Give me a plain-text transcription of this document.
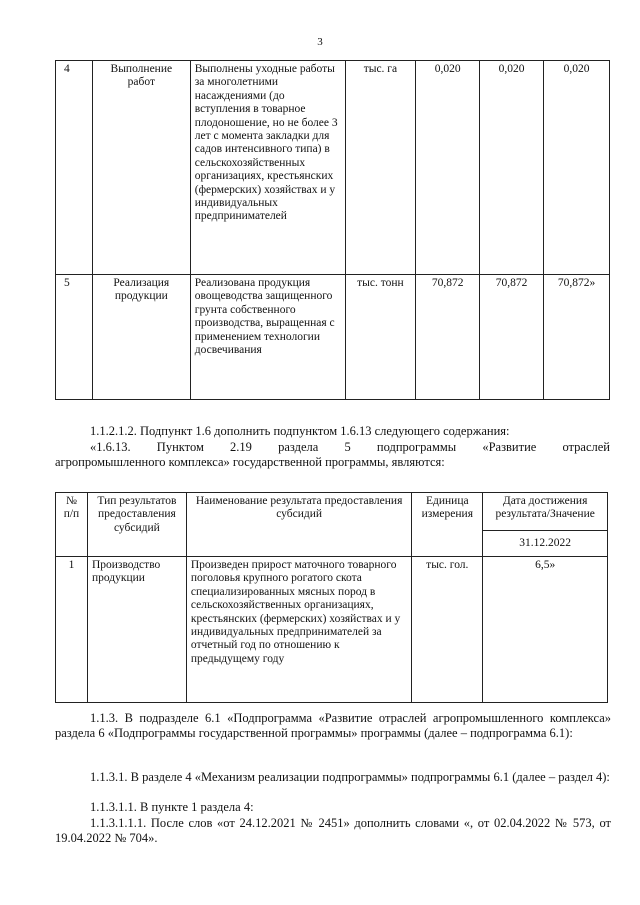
3
4	Выполнение работ	Выполнены уходные работы за многолетними насаждениями (до вступления в товарное плодоношение, но не более 3 лет с момента закладки для садов интенсивного типа) в сельскохозяйственных организациях, крестьянских (фермерских) хозяйствах и у индивидуальных предпринимателей	тыс. га	0,020	0,020	0,020
5	Реализация продукции	Реализована продукция овощеводства защищенного грунта собственного производства, выращенная с применением технологии досвечивания	тыс. тонн	70,872	70,872	70,872»
1.1.2.1.2. Подпункт 1.6 дополнить подпунктом 1.6.13 следующего содержания:
«1.6.13.    Пунктом    2.19    раздела    5    подпрограммы    «Развитие    отраслей
агропромышленного комплекса» государственной программы, являются:
№ п/п	Тип результатов предоставления субсидий	Наименование результата предоставления субсидий	Единица измерения	Дата достижения результата/Значение
				31.12.2022
1	Производство продукции	Произведен прирост маточного товарного поголовья крупного рогатого скота специализированных мясных пород в сельскохозяйственных организациях, крестьянских (фермерских) хозяйствах и у индивидуальных предпринимателей за отчетный год по отношению к предыдущему году	тыс. гол.	6,5»
1.1.3. В подразделе 6.1 «Подпрограмма «Развитие отраслей агропромышленного комплекса» раздела 6 «Подпрограммы государственной программы» программы (далее – подпрограмма 6.1):
1.1.3.1. В разделе 4 «Механизм реализации подпрограммы» подпрограммы 6.1 (далее – раздел 4):
1.1.3.1.1. В пункте 1 раздела 4:
1.1.3.1.1.1. После слов «от 24.12.2021 № 2451» дополнить словами «, от 02.04.2022 № 573, от 19.04.2022 № 704».
